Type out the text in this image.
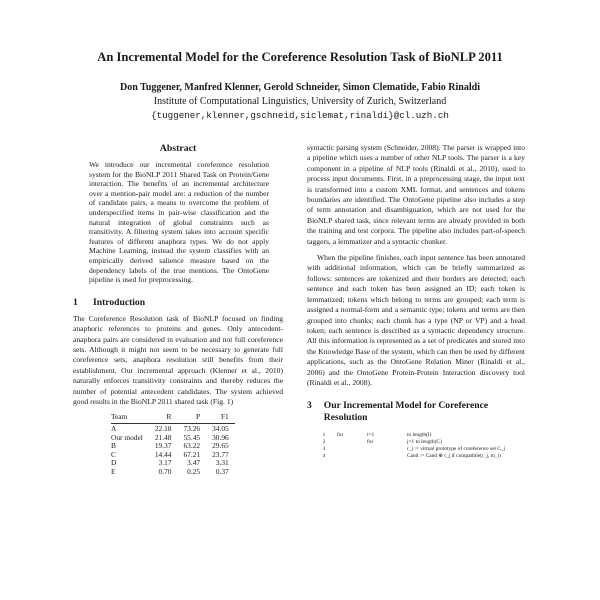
An Incremental Model for the Coreference Resolution Task of BioNLP 2011
Don Tuggener, Manfred Klenner, Gerold Schneider, Simon Clematide, Fabio Rinaldi
Institute of Computational Linguistics, University of Zurich, Switzerland
{tuggener,klenner,gschneid,siclemat,rinaldi}@cl.uzh.ch
Abstract

We introduce our incremental coreference resolution system for the BioNLP 2011 Shared Task on Protein/Gene interaction. The benefits of an incremental architecture over a mention-pair model are: a reduction of the number of candidate pairs, a means to overcome the problem of underspecified items in pair-wise classification and the natural integration of global constraints such as transitivity. A filtering system takes into account specific features of different anaphora types. We do not apply Machine Learning, instead the system classifies with an empirically derived salience measure based on the dependency labels of the true mentions. The OntoGene pipeline is used for preprocessing.

1	Introduction

The Coreference Resolution task of BioNLP focused on finding anaphoric references to proteins and genes. Only antecedent-anaphora pairs are considered in evaluation and not full coreference sets. Although it might not seem to be necessary to generate full coreference sets, anaphora resolution still benefits from their establishment. Our incremental approach (Klenner et al., 2010) naturally enforces transitivity constraints and thereby reduces the number of potential antecedent candidates. The system achieved good results in the BioNLP 2011 shared task (Fig. 1)

Team	R	P	F1
A	22.18	73.26	34.05
Our model	21.48	55.45	30.96
B	19.37	63.22	29.65
C	14.44	67.21	23.77
D	3.17	3.47	3.31
E	0.70	0.25	0.37

syntactic parsing system (Schneider, 2008). The parser is wrapped into a pipeline which uses a number of other NLP tools. The parser is a key component in a pipeline of NLP tools (Rinaldi et al., 2010), used to process input documents. First, in a preprocessing stage, the input text is transformed into a custom XML format, and sentences and tokens boundaries are identified. The OntoGene pipeline also includes a step of term annotation and disambiguation, which are not used for the BioNLP shared task, since relevant terms are already provided in both the training and test corpora. The pipeline also includes part-of-speech taggers, a lemmatizer and a syntactic chunker.

When the pipeline finishes, each input sentence has been annotated with additional information, which can be briefly summarized as follows: sentences are tokenized and their borders are detected; each sentence and each token has been assigned an ID; each token is lemmatized; tokens which belong to terms are grouped; each term is assigned a normal-form and a semantic type; tokens and terms are then grouped into chunks; each chunk has a type (NP or VP) and a head token; each sentence is described as a syntactic dependency structure. All this information is represented as a set of predicates and stored into the Knowledge Base of the system, which can then be used by different applications, such as the OntoGene Relation Miner (Rinaldi et al., 2006) and the OntoGene Protein-Protein Interaction discovery tool (Rinaldi et al., 2008).

3 Our Incremental Model for Coreference
Resolution
1	for	i=1	to length(I)
2	for	j=1 to length(C)
3	r_j := virtual prototype of coreference set C_j
4	Cand := Cand ⊕ r_j if compatible(r_j, m_i)
